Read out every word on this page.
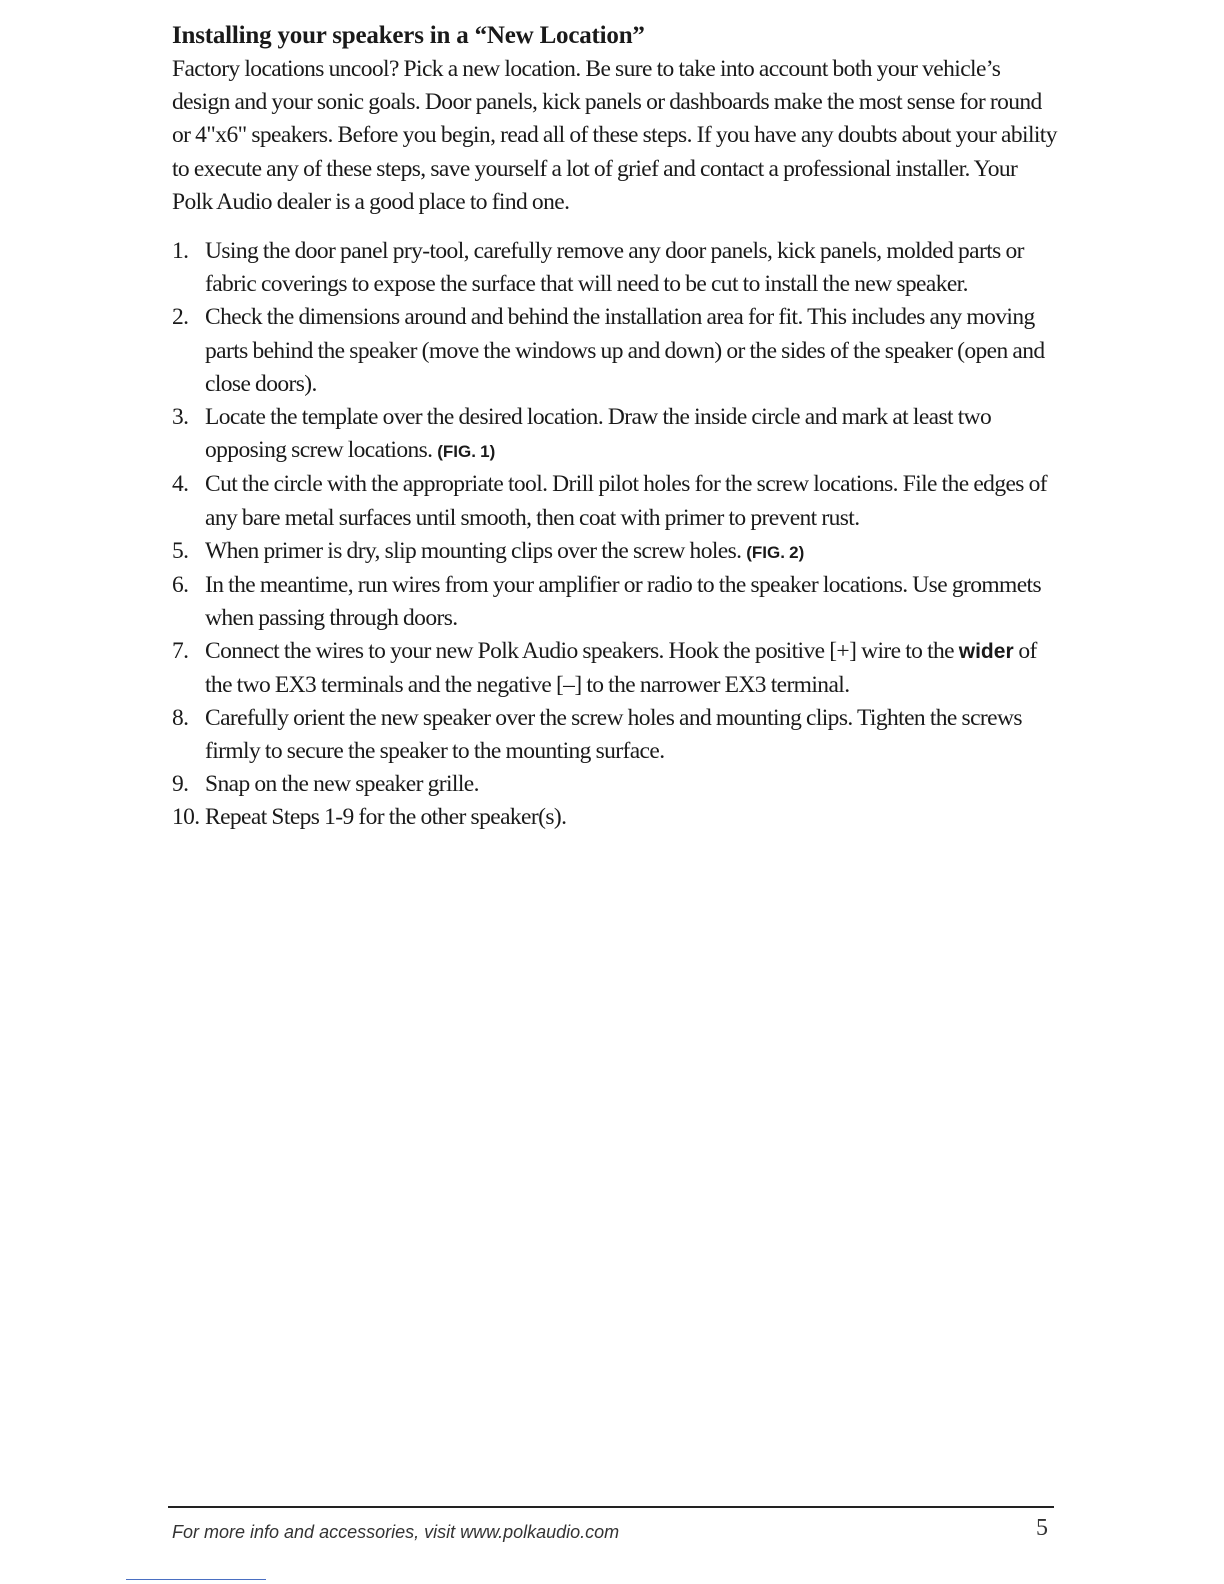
Installing your speakers in a “New Location”

Factory locations uncool? Pick a new location. Be sure to take into account both your vehicle’s design and your sonic goals. Door panels, kick panels or dashboards make the most sense for round or 4"x6" speakers. Before you begin, read all of these steps. If you have any doubts about your ability to execute any of these steps, save yourself a lot of grief and contact a professional installer. Your Polk Audio dealer is a good place to find one.

1. Using the door panel pry-tool, carefully remove any door panels, kick panels, molded parts or fabric coverings to expose the surface that will need to be cut to install the new speaker.
2. Check the dimensions around and behind the installation area for fit. This includes any moving parts behind the speaker (move the windows up and down) or the sides of the speaker (open and close doors).
3. Locate the template over the desired location. Draw the inside circle and mark at least two opposing screw locations. (FIG. 1)
4. Cut the circle with the appropriate tool. Drill pilot holes for the screw locations. File the edges of any bare metal surfaces until smooth, then coat with primer to prevent rust.
5. When primer is dry, slip mounting clips over the screw holes. (FIG. 2)
6. In the meantime, run wires from your amplifier or radio to the speaker locations. Use grommets when passing through doors.
7. Connect the wires to your new Polk Audio speakers. Hook the positive [+] wire to the wider of the two EX3 terminals and the negative [–] to the narrower EX3 terminal.
8. Carefully orient the new speaker over the screw holes and mounting clips. Tighten the screws firmly to secure the speaker to the mounting surface.
9. Snap on the new speaker grille.
10. Repeat Steps 1-9 for the other speaker(s).
For more info and accessories, visit www.polkaudio.com	5
